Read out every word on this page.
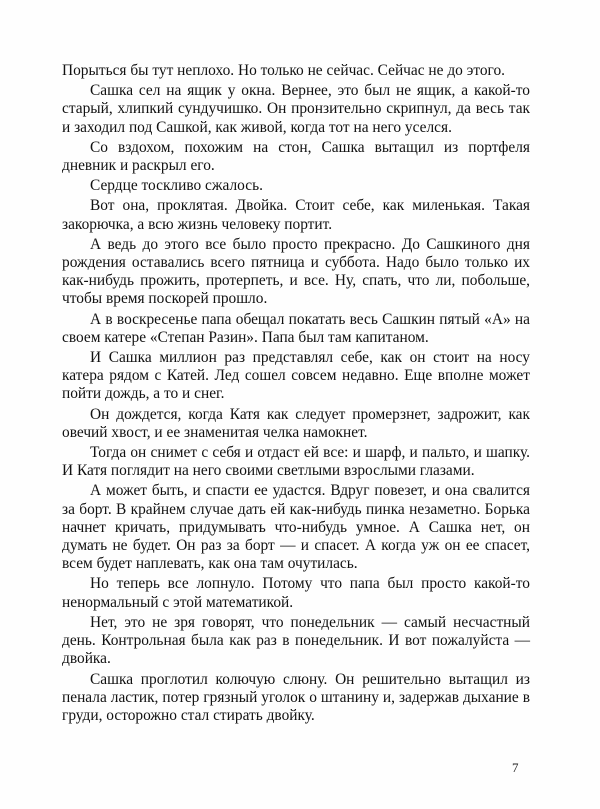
Порыться бы тут неплохо. Но только не сейчас. Сейчас не до этого.

Сашка сел на ящик у окна. Вернее, это был не ящик, а какой-то старый, хлипкий сундучишко. Он пронзительно скрипнул, да весь так и заходил под Сашкой, как живой, когда тот на него уселся.

Со вздохом, похожим на стон, Сашка вытащил из портфеля дневник и раскрыл его.

Сердце тоскливо сжалось.

Вот она, проклятая. Двойка. Стоит себе, как миленькая. Такая закорючка, а всю жизнь человеку портит.

А ведь до этого все было просто прекрасно. До Сашкиного дня рождения оставались всего пятница и суббота. Надо было только их как-нибудь прожить, протерпеть, и все. Ну, спать, что ли, побольше, чтобы время поскорей прошло.

А в воскресенье папа обещал покатать весь Сашкин пятый «А» на своем катере «Степан Разин». Папа был там капитаном.

И Сашка миллион раз представлял себе, как он стоит на носу катера рядом с Катей. Лед сошел совсем недавно. Еще вполне может пойти дождь, а то и снег.

Он дождется, когда Катя как следует промерзнет, задрожит, как овечий хвост, и ее знаменитая челка намокнет.

Тогда он снимет с себя и отдаст ей все: и шарф, и пальто, и шапку. И Катя поглядит на него своими светлыми взрослыми глазами.

А может быть, и спасти ее удастся. Вдруг повезет, и она свалится за борт. В крайнем случае дать ей как-нибудь пинка незаметно. Борька начнет кричать, придумывать что-нибудь умное. А Сашка нет, он думать не будет. Он раз за борт — и спасет. А когда уж он ее спасет, всем будет наплевать, как она там очутилась.

Но теперь все лопнуло. Потому что папа был просто какой-то ненормальный с этой математикой.

Нет, это не зря говорят, что понедельник — самый несчастный день. Контрольная была как раз в понедельник. И вот пожалуйста — двойка.

Сашка проглотил колючую слюну. Он решительно вытащил из пенала ластик, потер грязный уголок о штанину и, задержав дыхание в груди, осторожно стал стирать двойку.

7
